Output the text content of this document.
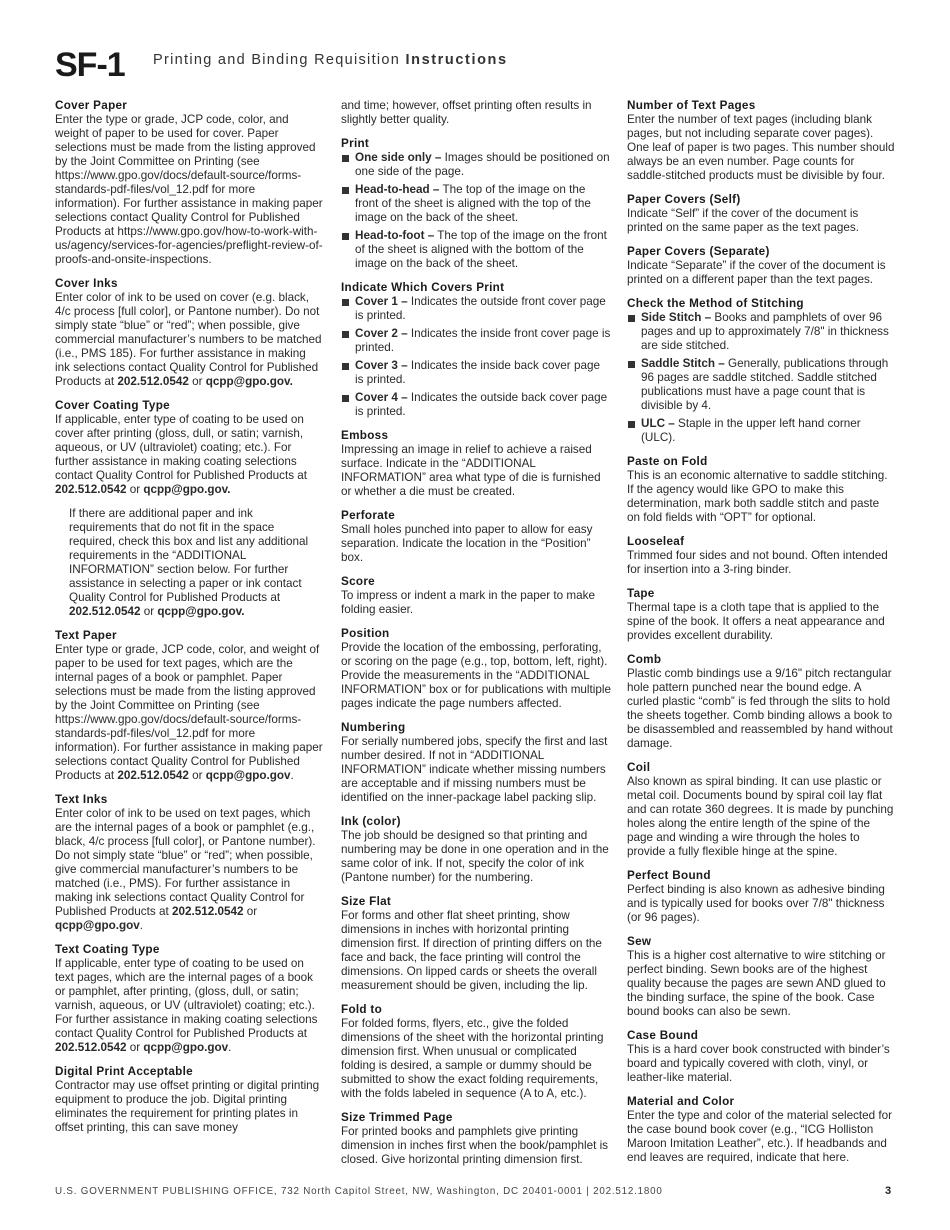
SF-1 Printing and Binding Requisition Instructions
Cover Paper

Enter the type or grade, JCP code, color, and weight of paper to be used for cover. Paper selections must be made from the listing approved by the Joint Committee on Printing (see https://www.gpo.gov/docs/default-source/forms-standards-pdf-files/vol_12.pdf for more information). For further assistance in making paper selections contact Quality Control for Published Products at https://www.gpo.gov/how-to-work-with-us/agency/services-for-agencies/preflight-review-of-proofs-and-onsite-inspections.

Cover Inks

Enter color of ink to be used on cover (e.g. black, 4/c process [full color], or Pantone number). Do not simply state “blue” or “red”; when possible, give commercial manufacturer’s numbers to be matched (i.e., PMS 185). For further assistance in making ink selections contact Quality Control for Published Products at 202.512.0542 or qcpp@gpo.gov.

Cover Coating Type

If applicable, enter type of coating to be used on cover after printing (gloss, dull, or satin; varnish, aqueous, or UV (ultraviolet) coating; etc.). For further assistance in making coating selections contact Quality Control for Published Products at 202.512.0542 or qcpp@gpo.gov.

If there are additional paper and ink requirements that do not fit in the space required, check this box and list any additional requirements in the “ADDITIONAL INFORMATION” section below. For further assistance in selecting a paper or ink contact Quality Control for Published Products at 202.512.0542 or qcpp@gpo.gov.

Text Paper

Enter type or grade, JCP code, color, and weight of paper to be used for text pages, which are the internal pages of a book or pamphlet. Paper selections must be made from the listing approved by the Joint Committee on Printing (see https://www.gpo.gov/docs/default-source/forms-standards-pdf-files/vol_12.pdf for more information). For further assistance in making paper selections contact Quality Control for Published Products at 202.512.0542 or qcpp@gpo.gov.

Text Inks

Enter color of ink to be used on text pages, which are the internal pages of a book or pamphlet (e.g., black, 4/c process [full color], or Pantone number). Do not simply state “blue” or “red”; when possible, give commercial manufacturer’s numbers to be matched (i.e., PMS). For further assistance in making ink selections contact Quality Control for Published Products at 202.512.0542 or qcpp@gpo.gov.

Text Coating Type

If applicable, enter type of coating to be used on text pages, which are the internal pages of a book or pamphlet, after printing, (gloss, dull, or satin; varnish, aqueous, or UV (ultraviolet) coating; etc.). For further assistance in making coating selections contact Quality Control for Published Products at 202.512.0542 or qcpp@gpo.gov.

Digital Print Acceptable

Contractor may use offset printing or digital printing equipment to produce the job. Digital printing eliminates the requirement for printing plates in offset printing, this can save money

and time; however, offset printing often results in slightly better quality.

Print
One side only – Images should be positioned on one side of the page.
Head-to-head – The top of the image on the front of the sheet is aligned with the top of the image on the back of the sheet.
Head-to-foot – The top of the image on the front of the sheet is aligned with the bottom of the image on the back of the sheet.
Indicate Which Covers Print
Cover 1 – Indicates the outside front cover page is printed.
Cover 2 – Indicates the inside front cover page is printed.
Cover 3 – Indicates the inside back cover page is printed.
Cover 4 – Indicates the outside back cover page is printed.
Emboss

Impressing an image in relief to achieve a raised surface. Indicate in the “ADDITIONAL INFORMATION” area what type of die is furnished or whether a die must be created.

Perforate

Small holes punched into paper to allow for easy separation. Indicate the location in the “Position” box.

Score

To impress or indent a mark in the paper to make folding easier.

Position

Provide the location of the embossing, perforating, or scoring on the page (e.g., top, bottom, left, right). Provide the measurements in the “ADDITIONAL INFORMATION” box or for publications with multiple pages indicate the page numbers affected.

Numbering

For serially numbered jobs, specify the first and last number desired. If not in “ADDITIONAL INFORMATION” indicate whether missing numbers are acceptable and if missing numbers must be identified on the inner-package label packing slip.

Ink (color)

The job should be designed so that printing and numbering may be done in one operation and in the same color of ink. If not, specify the color of ink (Pantone number) for the numbering.

Size Flat

For forms and other flat sheet printing, show dimensions in inches with horizontal printing dimension first. If direction of printing differs on the face and back, the face printing will control the dimensions. On lipped cards or sheets the overall measurement should be given, including the lip.

Fold to

For folded forms, flyers, etc., give the folded dimensions of the sheet with the horizontal printing dimension first. When unusual or complicated folding is desired, a sample or dummy should be submitted to show the exact folding requirements, with the folds labeled in sequence (A to A, etc.).

Size Trimmed Page

For printed books and pamphlets give printing dimension in inches first when the book/pamphlet is closed. Give horizontal printing dimension first.

Number of Text Pages

Enter the number of text pages (including blank pages, but not including separate cover pages). One leaf of paper is two pages. This number should always be an even number. Page counts for saddle-stitched products must be divisible by four.

Paper Covers (Self)

Indicate “Self” if the cover of the document is printed on the same paper as the text pages.

Paper Covers (Separate)

Indicate “Separate” if the cover of the document is printed on a different paper than the text pages.

Check the Method of Stitching
Side Stitch – Books and pamphlets of over 96 pages and up to approximately 7/8" in thickness are side stitched.
Saddle Stitch – Generally, publications through 96 pages are saddle stitched. Saddle stitched publications must have a page count that is divisible by 4.
ULC – Staple in the upper left hand corner (ULC).
Paste on Fold

This is an economic alternative to saddle stitching. If the agency would like GPO to make this determination, mark both saddle stitch and paste on fold fields with “OPT” for optional.

Looseleaf

Trimmed four sides and not bound. Often intended for insertion into a 3-ring binder.

Tape

Thermal tape is a cloth tape that is applied to the spine of the book. It offers a neat appearance and provides excellent durability.

Comb

Plastic comb bindings use a 9/16" pitch rectangular hole pattern punched near the bound edge. A curled plastic “comb” is fed through the slits to hold the sheets together. Comb binding allows a book to be disassembled and reassembled by hand without damage.

Coil

Also known as spiral binding. It can use plastic or metal coil. Documents bound by spiral coil lay flat and can rotate 360 degrees. It is made by punching holes along the entire length of the spine of the page and winding a wire through the holes to provide a fully flexible hinge at the spine.

Perfect Bound

Perfect binding is also known as adhesive binding and is typically used for books over 7/8" thickness (or 96 pages).

Sew

This is a higher cost alternative to wire stitching or perfect binding. Sewn books are of the highest quality because the pages are sewn AND glued to the binding surface, the spine of the book. Case bound books can also be sewn.

Case Bound

This is a hard cover book constructed with binder’s board and typically covered with cloth, vinyl, or leather-like material.

Material and Color

Enter the type and color of the material selected for the case bound book cover (e.g., “ICG Holliston Maroon Imitation Leather”, etc.). If headbands and end leaves are required, indicate that here.

U.S. GOVERNMENT PUBLISHING OFFICE, 732 North Capitol Street, NW, Washington, DC 20401-0001 | 202.512.1800	3
